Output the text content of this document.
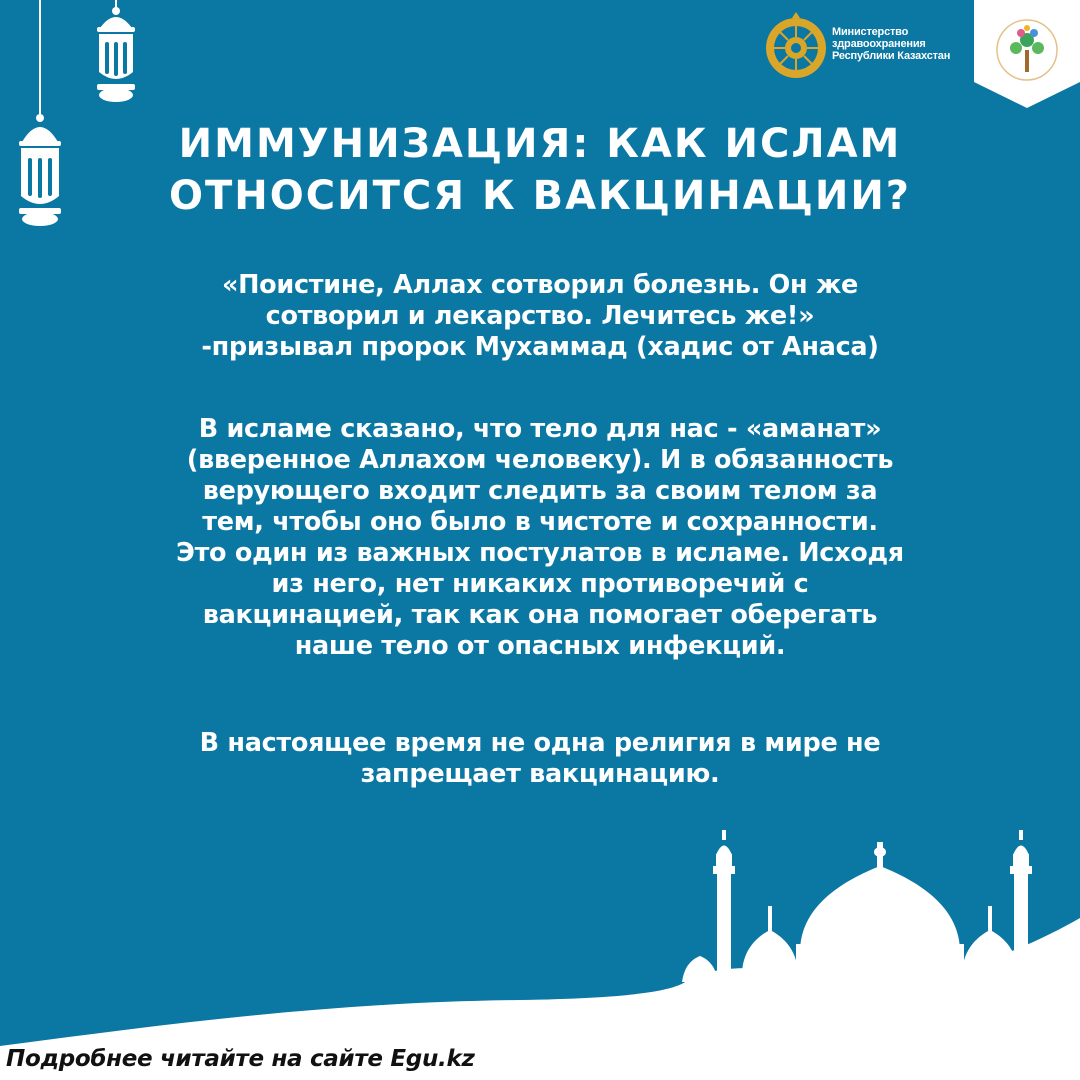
Министерство
здравоохранения
Республики Казахстан
ИММУНИЗАЦИЯ: КАК ИСЛАМ
ОТНОСИТСЯ К ВАКЦИНАЦИИ?
«Поистине, Аллах сотворил болезнь. Он же
сотворил и лекарство. Лечитесь же!»
-призывал пророк Мухаммад (хадис от Анаса)
В исламе сказано, что тело для нас - «аманат»
(вверенное Аллахом человеку). И в обязанность
верующего входит следить за своим телом за
тем, чтобы оно было в чистоте и сохранности.
Это один из важных постулатов в исламе. Исходя
из него, нет никаких противоречий с
вакцинацией, так как она помогает оберегать
наше тело от опасных инфекций.
В настоящее время не одна религия в мире не
запрещает вакцинацию.
Подробнее читайте на сайте Egu.kz
